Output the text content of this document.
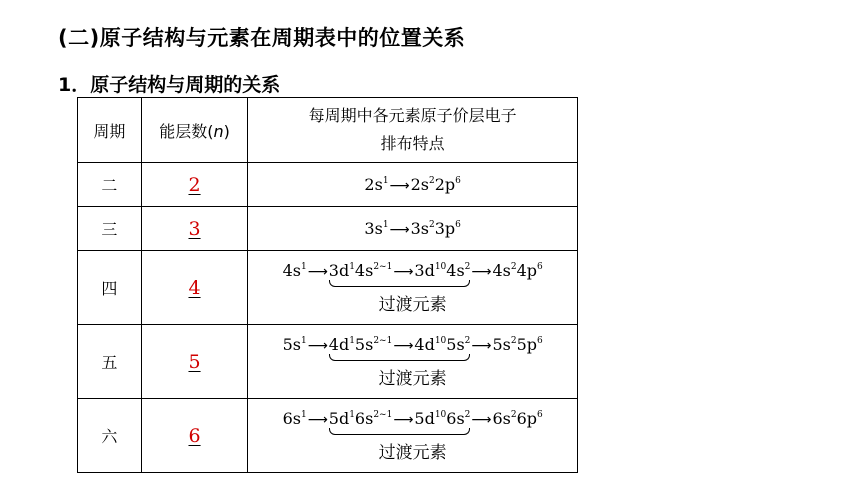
(二)原子结构与元素在周期表中的位置关系
1．原子结构与周期的关系
周期	能层数(n)	每周期中各元素原子价层电子
排布特点
二	2	$2s^1⟶2s^22p^6$
三	3	$3s^1⟶3s^23p^6$
四	4	$4s^1⟶3d^14s^{2\sim 1}⟶3d^{10}4s^2⟶4s^24p^6$
过渡元素

五	5	$5s^1⟶4d^15s^{2\sim 1}⟶4d^{10}5s^2⟶5s^25p^6$
过渡元素

六	6	$6s^1⟶5d^16s^{2\sim 1}⟶5d^{10}6s^2⟶6s^26p^6$
过渡元素
